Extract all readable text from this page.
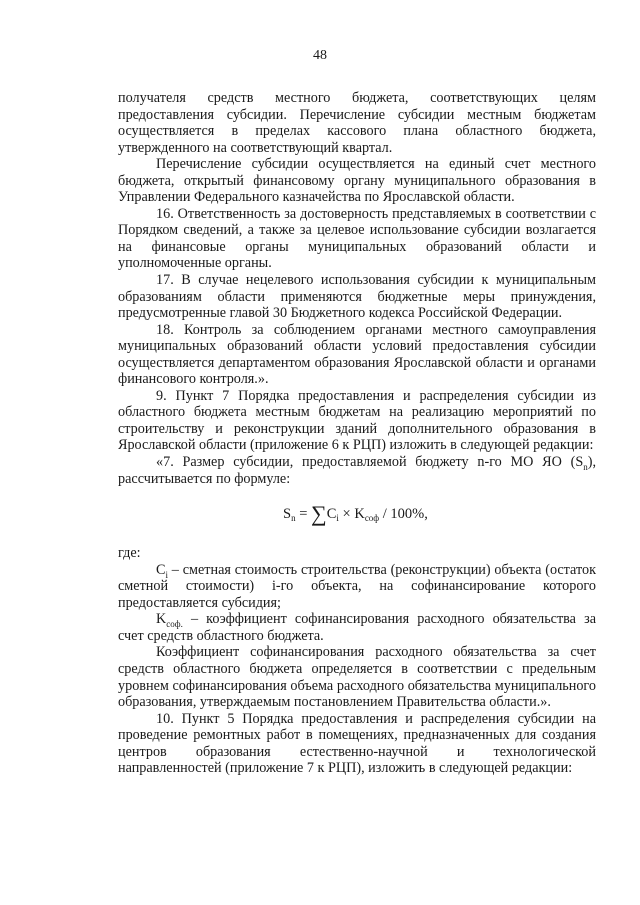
48

получателя средств местного бюджета, соответствующих целям предоставления субсидии. Перечисление субсидии местным бюджетам осуществляется в пределах кассового плана областного бюджета, утвержденного на соответствующий квартал.

Перечисление субсидии осуществляется на единый счет местного бюджета, открытый финансовому органу муниципального образования в Управлении Федерального казначейства по Ярославской области.

16. Ответственность за достоверность представляемых в соответствии с Порядком сведений, а также за целевое использование субсидии возлагается на финансовые органы муниципальных образований области и уполномоченные органы.

17. В случае нецелевого использования субсидии к муниципальным образованиям области применяются бюджетные меры принуждения, предусмотренные главой 30 Бюджетного кодекса Российской Федерации.

18. Контроль за соблюдением органами местного самоуправления муниципальных образований области условий предоставления субсидии осуществляется департаментом образования Ярославской области и органами финансового контроля.».

9. Пункт 7 Порядка предоставления и распределения субсидии из областного бюджета местным бюджетам на реализацию мероприятий по строительству и реконструкции зданий дополнительного образования в Ярославской области (приложение 6 к РЦП) изложить в следующей редакции:

«7. Размер субсидии, предоставляемой бюджету n-го МО ЯО $(S_n)$, рассчитывается по формуле:

$S_n = \sum C_i \times K_{соф} / 100\%$,

где:

$C_i$ – сметная стоимость строительства (реконструкции) объекта (остаток сметной стоимости) i-го объекта, на софинансирование которого предоставляется субсидия;

$K_{соф.}$ – коэффициент софинансирования расходного обязательства за счет средств областного бюджета.

Коэффициент софинансирования расходного обязательства за счет средств областного бюджета определяется в соответствии с предельным уровнем софинансирования объема расходного обязательства муниципального образования, утверждаемым постановлением Правительства области.».

10. Пункт 5 Порядка предоставления и распределения субсидии на проведение ремонтных работ в помещениях, предназначенных для создания центров образования естественно-научной и технологической направленностей (приложение 7 к РЦП), изложить в следующей редакции:
